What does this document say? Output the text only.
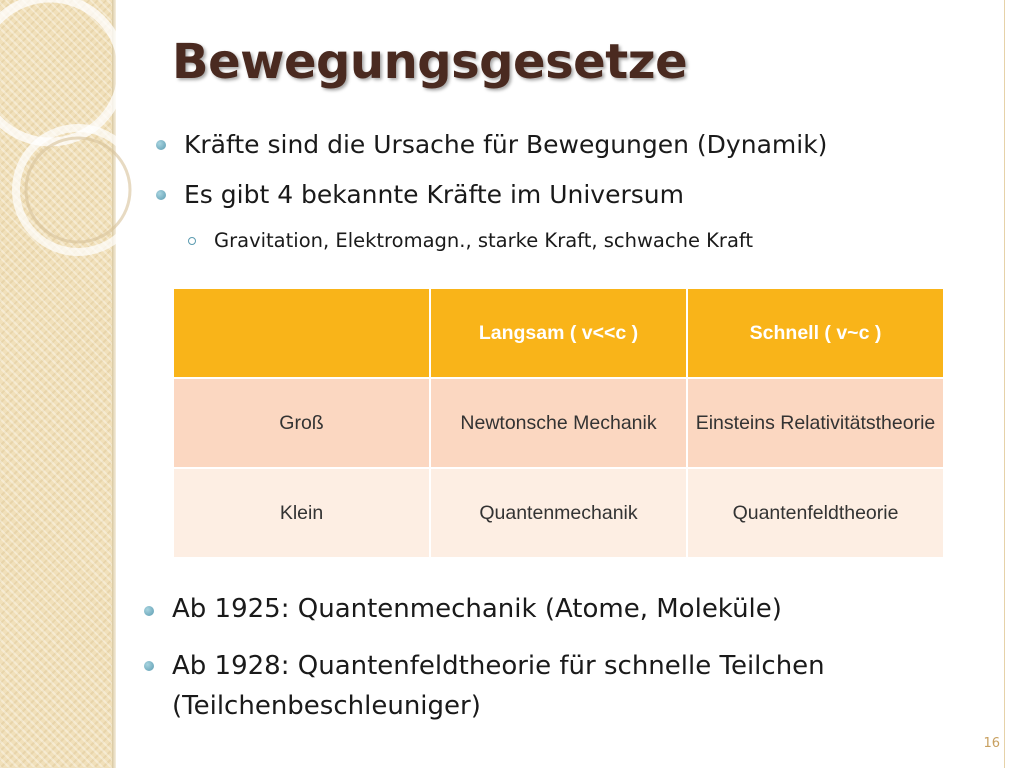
Bewegungsgesetze
Kräfte sind die Ursache für Bewegungen (Dynamik)
Es gibt 4 bekannte Kräfte im Universum
Gravitation, Elektromagn., starke Kraft, schwache Kraft
Ab 1925: Quantenmechanik (Atome, Moleküle)
Ab 1928: Quantenfeldtheorie für schnelle Teilchen (Teilchenbeschleuniger)
	Langsam ( v<<c )	Schnell ( v~c )
Groß	Newtonsche Mechanik	Einsteins Relativitätstheorie
Klein	Quantenmechanik	Quantenfeldtheorie
16
